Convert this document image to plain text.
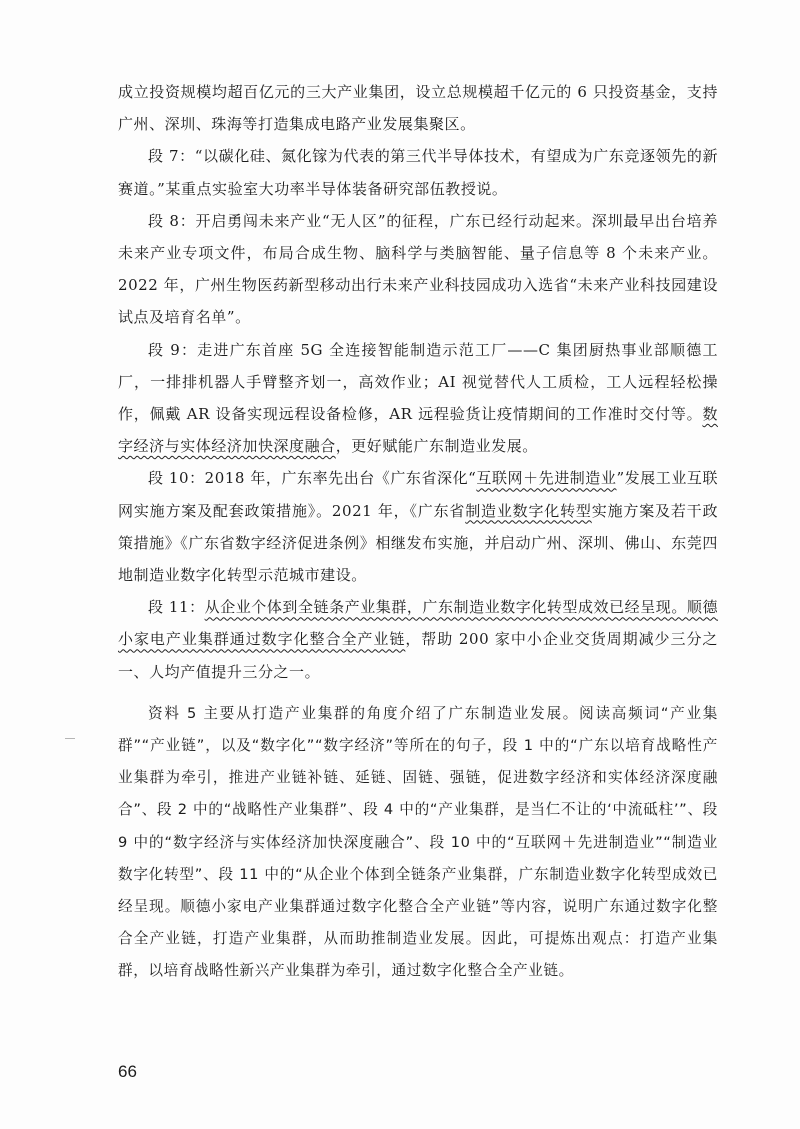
成立投资规模均超百亿元的三大产业集团，设立总规模超千亿元的 6 只投资基金，支持广州、深圳、珠海等打造集成电路产业发展集聚区。

段 7：“以碳化硅、氮化镓为代表的第三代半导体技术，有望成为广东竞逐领先的新赛道。”某重点实验室大功率半导体装备研究部伍教授说。

段 8：开启勇闯未来产业“无人区”的征程，广东已经行动起来。深圳最早出台培养未来产业专项文件，布局合成生物、脑科学与类脑智能、量子信息等 8 个未来产业。2022 年，广州生物医药新型移动出行未来产业科技园成功入选省“未来产业科技园建设试点及培育名单”。

段 9：走进广东首座 5G 全连接智能制造示范工厂——C 集团厨热事业部顺德工厂，一排排机器人手臂整齐划一，高效作业；AI 视觉替代人工质检，工人远程轻松操作，佩戴 AR 设备实现远程设备检修，AR 远程验货让疫情期间的工作准时交付等。数字经济与实体经济加快深度融合，更好赋能广东制造业发展。

段 10：2018 年，广东率先出台《广东省深化“互联网＋先进制造业”发展工业互联网实施方案及配套政策措施》。2021 年，《广东省制造业数字化转型实施方案及若干政策措施》《广东省数字经济促进条例》相继发布实施，并启动广州、深圳、佛山、东莞四地制造业数字化转型示范城市建设。

段 11：从企业个体到全链条产业集群，广东制造业数字化转型成效已经呈现。顺德小家电产业集群通过数字化整合全产业链，帮助 200 家中小企业交货周期减少三分之一、人均产值提升三分之一。

资料 5 主要从打造产业集群的角度介绍了广东制造业发展。阅读高频词“产业集群”“产业链”，以及“数字化”“数字经济”等所在的句子，段 1 中的“广东以培育战略性产业集群为牵引，推进产业链补链、延链、固链、强链，促进数字经济和实体经济深度融合”、段 2 中的“战略性产业集群”、段 4 中的“产业集群，是当仁不让的‘中流砥柱’”、段 9 中的“数字经济与实体经济加快深度融合”、段 10 中的“互联网＋先进制造业”“制造业数字化转型”、段 11 中的“从企业个体到全链条产业集群，广东制造业数字化转型成效已经呈现。顺德小家电产业集群通过数字化整合全产业链”等内容，说明广东通过数字化整合全产业链，打造产业集群，从而助推制造业发展。因此，可提炼出观点：打造产业集群，以培育战略性新兴产业集群为牵引，通过数字化整合全产业链。

66
